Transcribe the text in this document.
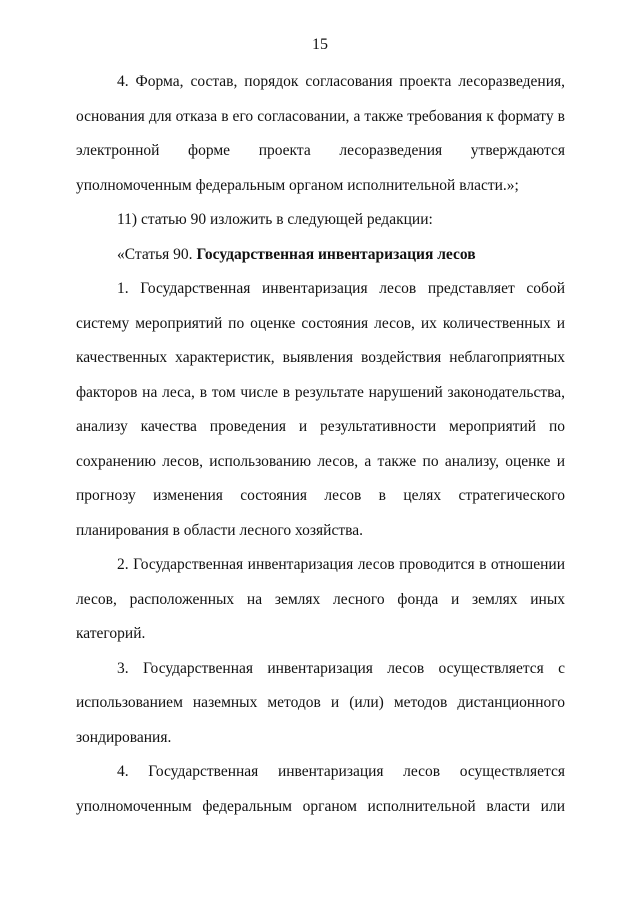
15

4. Форма, состав, порядок согласования проекта лесоразведения, основания для отказа в его согласовании, а также требования к формату в электронной форме проекта лесоразведения утверждаются уполномоченным федеральным органом исполнительной власти.»;

11) статью 90 изложить в следующей редакции:

«Статья 90. Государственная инвентаризация лесов

1. Государственная инвентаризация лесов представляет собой систему мероприятий по оценке состояния лесов, их количественных и качественных характеристик, выявления воздействия неблагоприятных факторов на леса, в том числе в результате нарушений законодательства, анализу качества проведения и результативности мероприятий по сохранению лесов, использованию лесов, а также по анализу, оценке и прогнозу изменения состояния лесов в целях стратегического планирования в области лесного хозяйства.

2. Государственная инвентаризация лесов проводится в отношении лесов, расположенных на землях лесного фонда и землях иных категорий.

3. Государственная инвентаризация лесов осуществляется с использованием наземных методов и (или) методов дистанционного зондирования.

4. Государственная инвентаризация лесов осуществляется уполномоченным федеральным органом исполнительной власти или
